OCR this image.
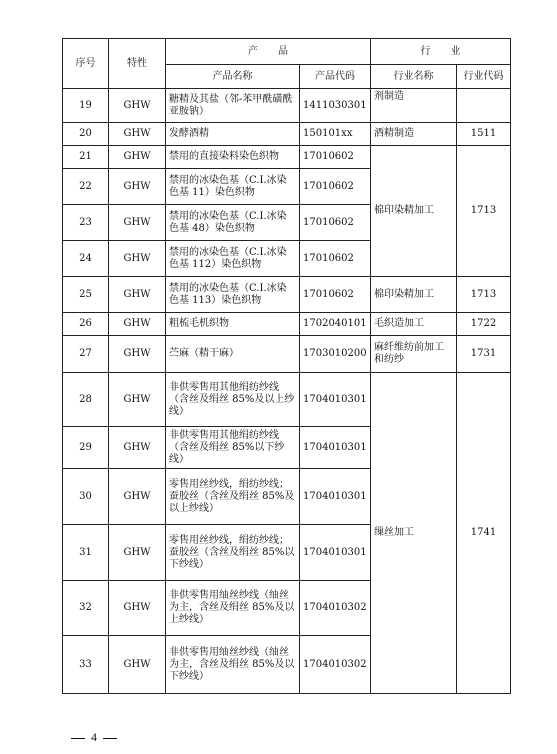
序号	特性	产　　品		行　　业	
		产品名称	产品代码	行业名称	行业代码
19	GHW	糖精及其盐（邻-苯甲酰磺酰亚胺钠）	1411030301	剂制造	
20	GHW	发酵酒精	150101xx	酒精制造	1511
21	GHW	禁用的直接染料染色织物	17010602	棉印染精加工	1713
22	GHW	禁用的冰染色基（C.I.冰染色基 11）染色织物	17010602		
23	GHW	禁用的冰染色基（C.I.冰染色基 48）染色织物	17010602		
24	GHW	禁用的冰染色基（C.I.冰染色基 112）染色织物	17010602		
25	GHW	禁用的冰染色基（C.I.冰染色基 113）染色织物	17010602	棉印染精加工	1713
26	GHW	粗梳毛机织物	1702040101	毛织造加工	1722
27	GHW	苎麻（精干麻）	1703010200	麻纤维纺前加工和纺纱	1731
28	GHW	非供零售用其他绢纺纱线（含丝及绢丝 85%及以上纱线）	1704010301	缫丝加工	1741
29	GHW	非供零售用其他绢纺纱线（含丝及绢丝 85%以下纱线）	1704010301		
30	GHW	零售用丝纱线，绢纺纱线；蚕胶丝（含丝及绢丝 85%及以上纱线）	1704010301		
31	GHW	零售用丝纱线，绢纺纱线；蚕胶丝（含丝及绢丝 85%以下纱线）	1704010301		
32	GHW	非供零售用䌷丝纱线（䌷丝为主，含丝及绢丝 85%及以上纱线）	1704010302		
33	GHW	非供零售用䌷丝纱线（䌷丝为主，含丝及绢丝 85%及以下纱线）	1704010302		
4
